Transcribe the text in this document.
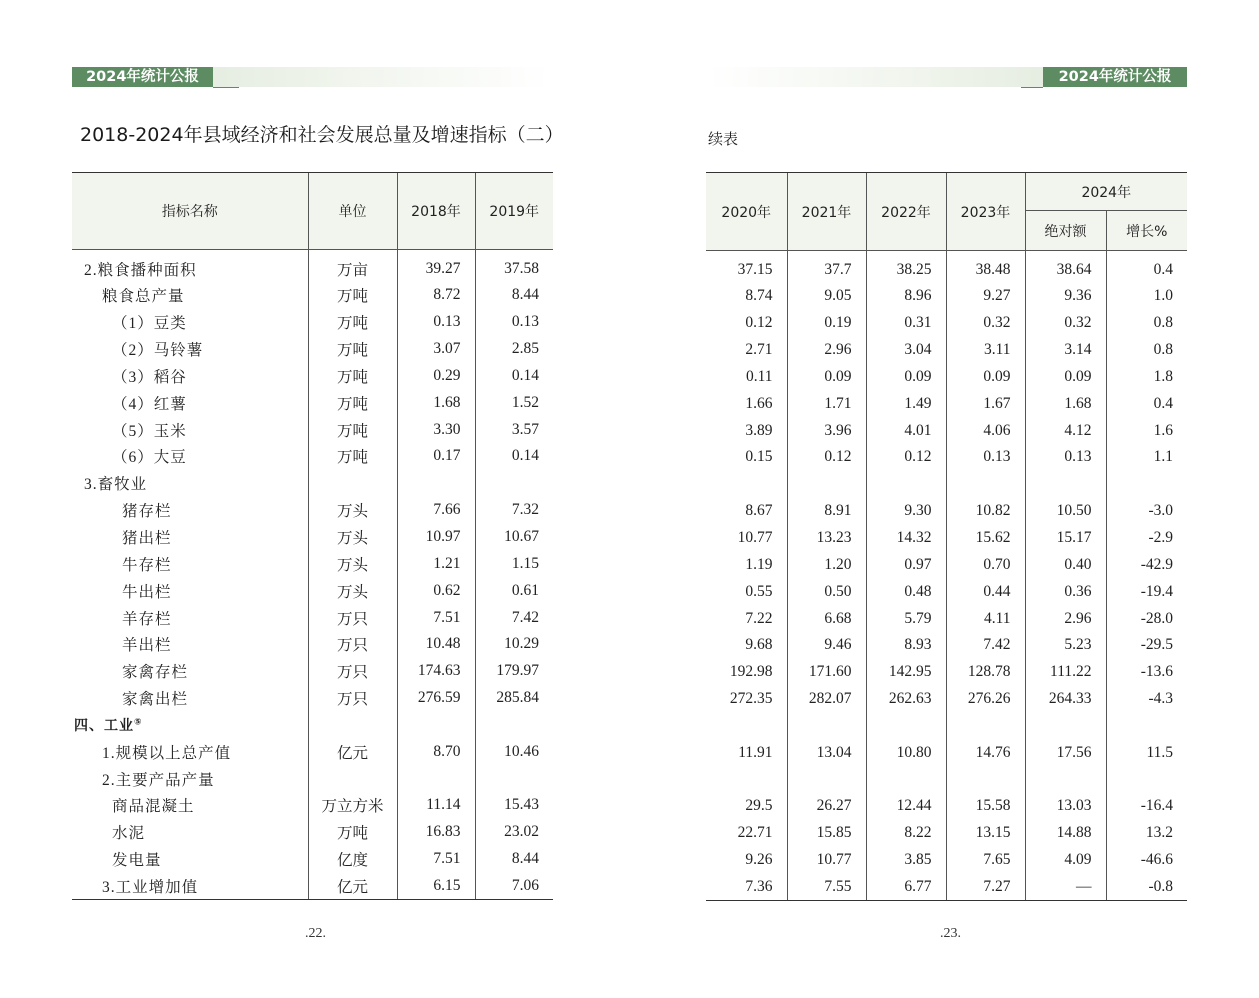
2024年统计公报	2024年统计公报
2018-2024年县域经济和社会发展总量及增速指标（二）	续表
指标名称	单位	2018年	2019年
2.粮食播种面积	万亩	39.27	37.58
粮食总产量	万吨	8.72	8.44
（1）豆类	万吨	0.13	0.13
（2）马铃薯	万吨	3.07	2.85
（3）稻谷	万吨	0.29	0.14
（4）红薯	万吨	1.68	1.52
（5）玉米	万吨	3.30	3.57
（6）大豆	万吨	0.17	0.14
3.畜牧业			
猪存栏	万头	7.66	7.32
猪出栏	万头	10.97	10.67
牛存栏	万头	1.21	1.15
牛出栏	万头	0.62	0.61
羊存栏	万只	7.51	7.42
羊出栏	万只	10.48	10.29
家禽存栏	万只	174.63	179.97
家禽出栏	万只	276.59	285.84
四、工业⑤			
1.规模以上总产值	亿元	8.70	10.46
2.主要产品产量			
商品混凝土	万立方米	11.14	15.43
水泥	万吨	16.83	23.02
发电量	亿度	7.51	8.44
3.工业增加值	亿元	6.15	7.06
2020年	2021年	2022年	2023年	2024年	
				绝对额	增长%
37.15	37.7	38.25	38.48	38.64	0.4
8.74	9.05	8.96	9.27	9.36	1.0
0.12	0.19	0.31	0.32	0.32	0.8
2.71	2.96	3.04	3.11	3.14	0.8
0.11	0.09	0.09	0.09	0.09	1.8
1.66	1.71	1.49	1.67	1.68	0.4
3.89	3.96	4.01	4.06	4.12	1.6
0.15	0.12	0.12	0.13	0.13	1.1

8.67	8.91	9.30	10.82	10.50	-3.0
10.77	13.23	14.32	15.62	15.17	-2.9
1.19	1.20	0.97	0.70	0.40	-42.9
0.55	0.50	0.48	0.44	0.36	-19.4
7.22	6.68	5.79	4.11	2.96	-28.0
9.68	9.46	8.93	7.42	5.23	-29.5
192.98	171.60	142.95	128.78	111.22	-13.6
272.35	282.07	262.63	276.26	264.33	-4.3

11.91	13.04	10.80	14.76	17.56	11.5

29.5	26.27	12.44	15.58	13.03	-16.4
22.71	15.85	8.22	13.15	14.88	13.2
9.26	10.77	3.85	7.65	4.09	-46.6
7.36	7.55	6.77	7.27	—	-0.8
.22.	.23.
